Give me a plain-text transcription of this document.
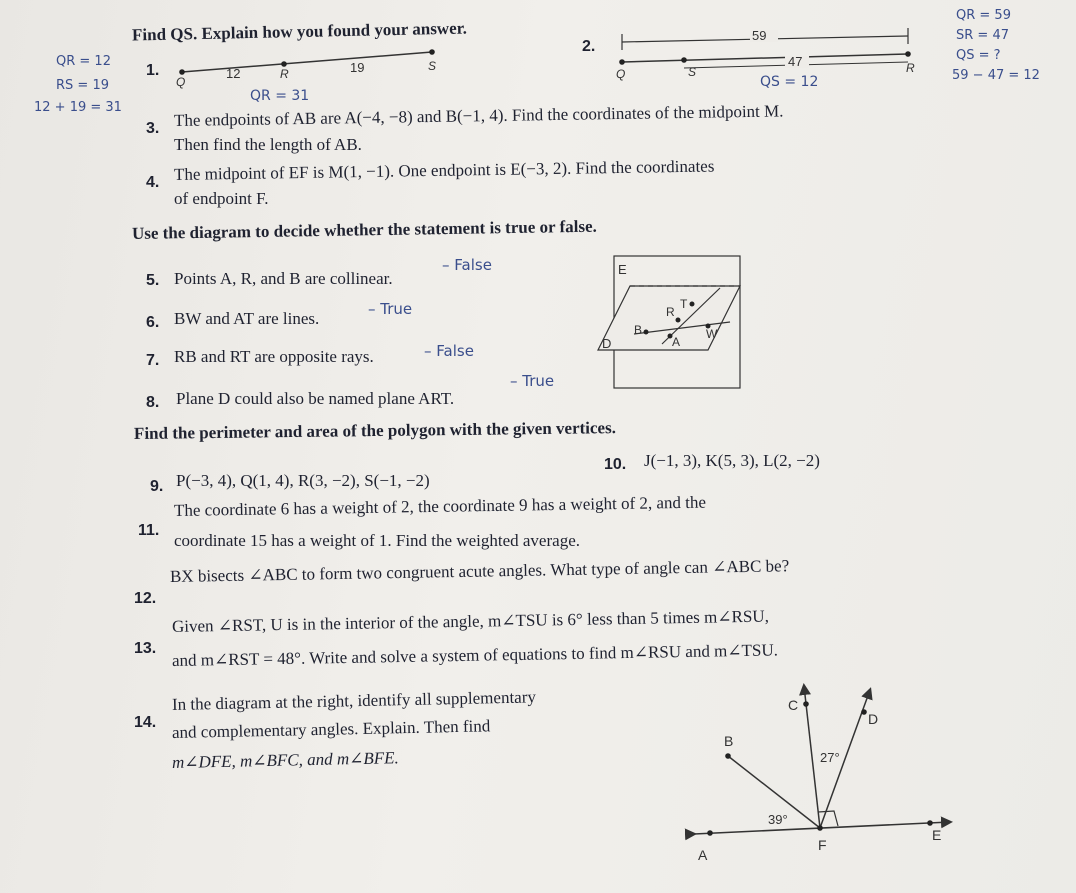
QR = 12
RS = 19
12 + 19 = 31
QR = 59
SR = 47
QS = ?
59 − 47 = 12
QR = 31
QS = 12
Find QS. Explain how you found your answer.
1.
Q
R
S
12	19
2.
59
47
Q	S	R
3. The endpoints of AB are A(−4, −8) and B(−1, 4). Find the coordinates of the midpoint M.
Then find the length of AB.
4. The midpoint of EF is M(1, −1). One endpoint is E(−3, 2). Find the coordinates
of endpoint F.
Use the diagram to decide whether the statement is true or false.
5. Points A, R, and B are collinear.
– False
6. BW and AT are lines.	– True
7. RB and RT are opposite rays.	– False
8. Plane D could also be named plane ART.
– True
E
D
B
R
T
A
W
Find the perimeter and area of the polygon with the given vertices.
9. P(−3, 4), Q(1, 4), R(3, −2), S(−1, −2)
10. J(−1, 3), K(5, 3), L(2, −2)
11.
The coordinate 6 has a weight of 2, the coordinate 9 has a weight of 2, and the
coordinate 15 has a weight of 1. Find the weighted average.
12.
BX bisects ∠ABC to form two congruent acute angles. What type of angle can ∠ABC be?
13.
Given ∠RST, U is in the interior of the angle, m∠TSU is 6° less than 5 times m∠RSU,
and m∠RST = 48°. Write and solve a system of equations to find m∠RSU and m∠TSU.
14.
In the diagram at the right, identify all supplementary
and complementary angles. Explain. Then find
m∠DFE, m∠BFC, and m∠BFE.
A
B
C
D
E
F
39°
27°
